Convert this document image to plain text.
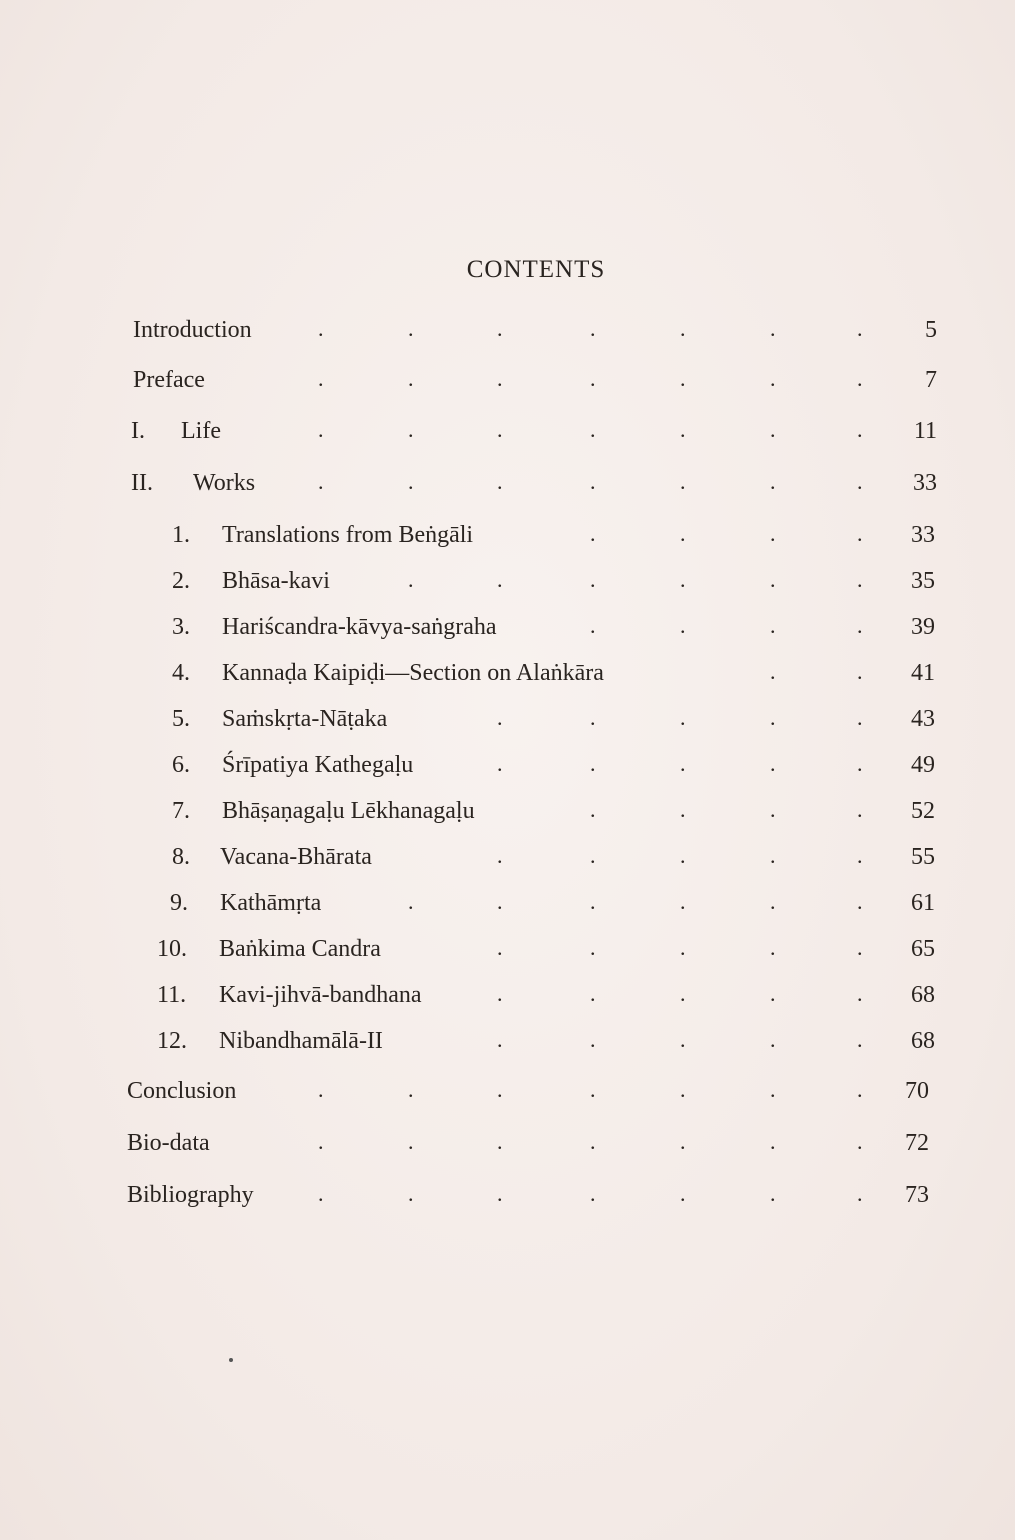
CONTENTS
Introduction	.	.	.	.	.	.	.	5
Preface	.	.	.	.	.	.	.	7
I. Life	.	.	.	.	.	.	. 11
II. Works	.	.	.	.	.	.	. 33
1. Translations from Beṅgāli	.	.	.	. 33
2. Bhāsa-kavi	.	.	.	.	.	. 35
3. Hariścandra-kāvya-saṅgraha	.	.	.	. 39
4. Kannaḍa Kaipiḍi—Section on Alaṅkāra	.	. 41
5. Saṁskṛta-Nāṭaka	.	.	.	.	. 43
6. Śrīpatiya Kathegaḷu	.	.	.	.	. 49
7. Bhāṣaṇagaḷu Lēkhanagaḷu	.	.	.	. 52
8. Vacana-Bhārata	.	.	.	.	. 55
9. Kathāmṛta	.	.	.	.	.	. 61
10. Baṅkima Candra	.	.	.	.	. 65
11. Kavi-jihvā-bandhana	.	.	.	.	. 68
12. Nibandhamālā-II	.	.	.	.	. 68
Conclusion	.	.	.	.	.	.	. 70
Bio-data	.	.	.	.	.	.	. 72
Bibliography	.	.	.	.	.	.	. 73
